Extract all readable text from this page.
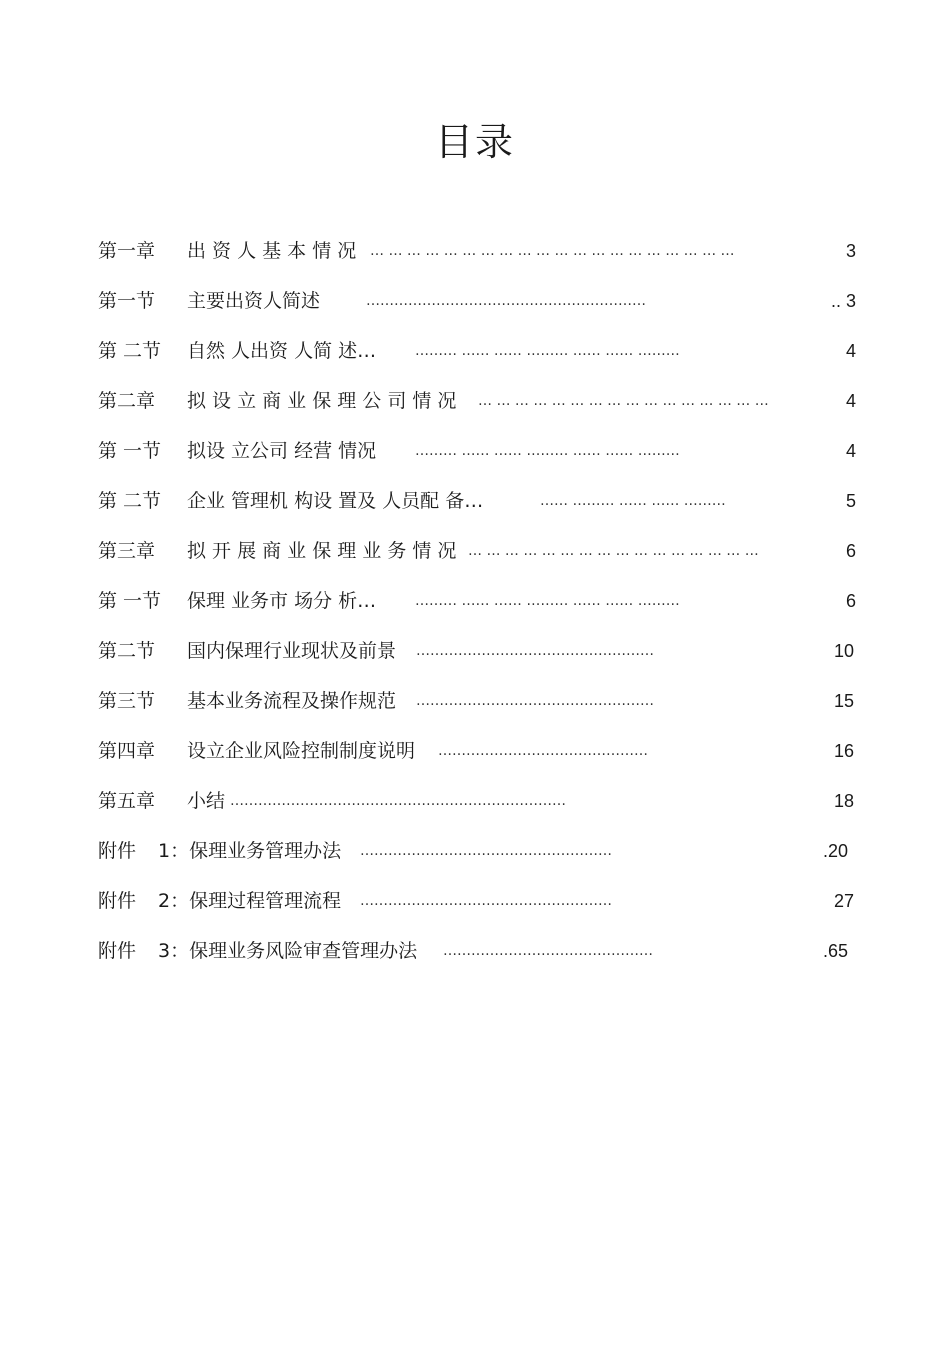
目录
第一章 出 资 人 基 本 情 况 … … … … … … … … … … … … … … … … … … … …	3
第一节 主要出资人简述	……………………………………………………	.. 3
第 二节 自然 人出资 人简 述…	……… …… …… ……… …… …… ………	4
第二章 拟 设 立 商 业 保 理 公 司 情 况 … … … … … … … … … … … … … … … …	4
第 一节 拟设 立公司 经营 情况	……… …… …… ……… …… …… ………	4
第 二节 企业 管理机 构设 置及 人员配 备…	…… ……… …… …… ………	5
第三章 拟 开 展 商 业 保 理 业 务 情 况 … … … … … … … … … … … … … … … …	6
第 一节 保理 业务市 场分 析…	……… …… …… ……… …… …… ………	6
第二节 国内保理行业现状及前景 ……………………………………………	10
第三节 基本业务流程及操作规范 ……………………………………………	15
第四章 设立企业风险控制制度说明 ………………………………………	16
第五章 小结 ………………………………………………………………	18
附件 1：保理业务管理办法 ………………………………………………	.20
附件 2：保理过程管理流程 ………………………………………………	27
附件 3：保理业务风险审查管理办法 ………………………………………	.65
